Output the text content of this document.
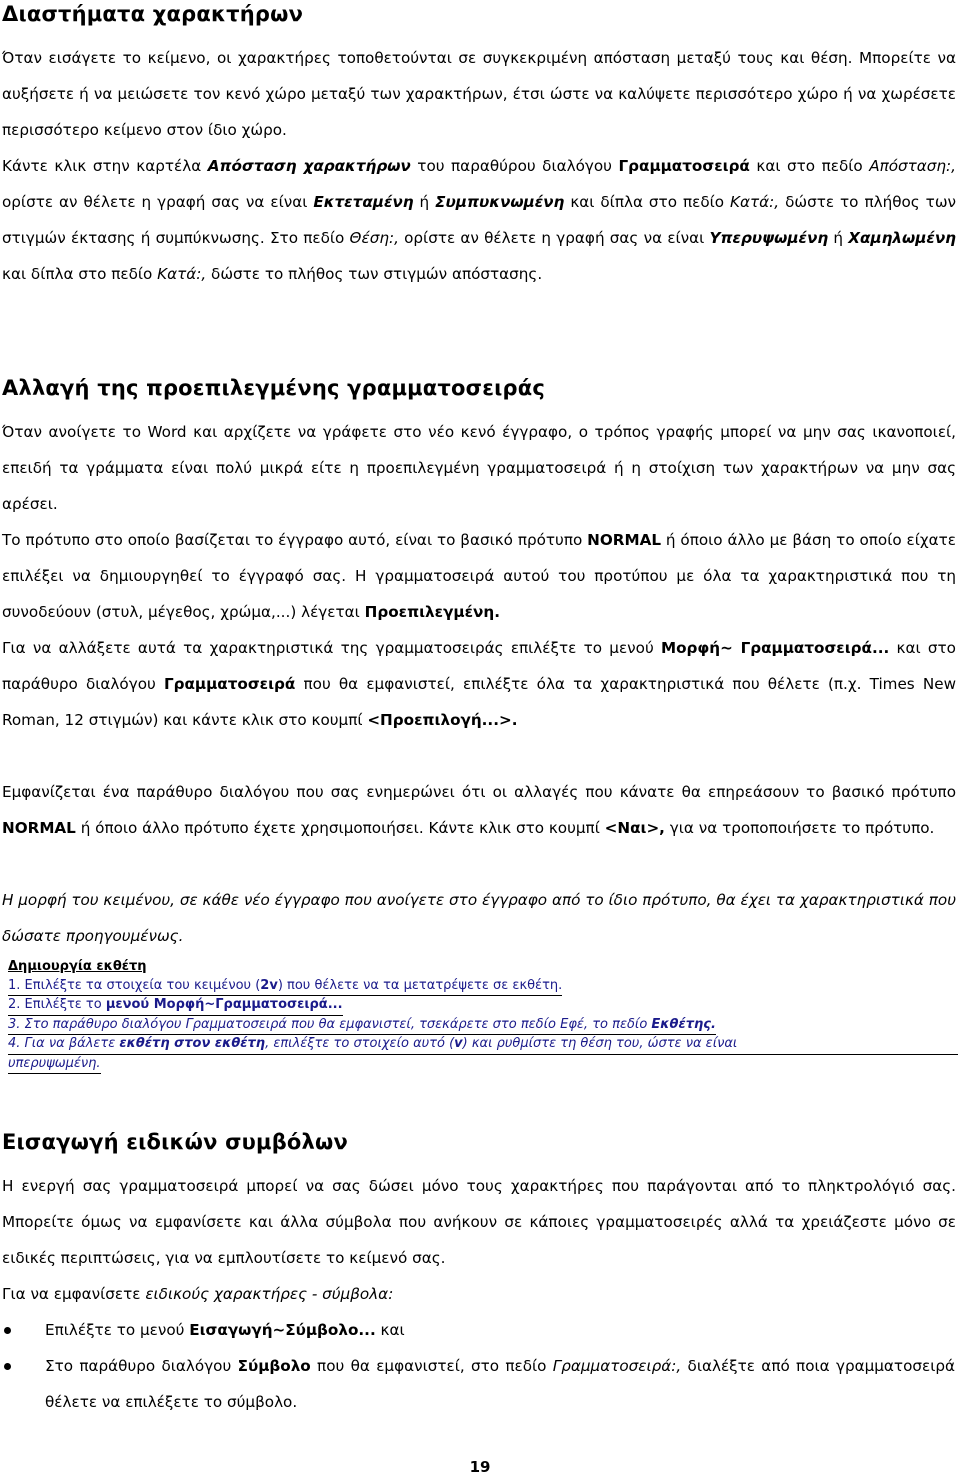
Διαστήματα χαρακτήρων

Όταν εισάγετε το κείμενο, οι χαρακτήρες τοποθετούνται σε συγκεκριμένη απόσταση μεταξύ τους και θέση. Μπορείτε να αυξήσετε ή να μειώσετε τον κενό χώρο μεταξύ των χαρακτήρων, έτσι ώστε να καλύψετε περισσότερο χώρο ή να χωρέσετε περισσότερο κείμενο στον ίδιο χώρο.

Κάντε κλικ στην καρτέλα Απόσταση χαρακτήρων του παραθύρου διαλόγου Γραμματοσειρά και στο πεδίο Απόσταση:, ορίστε αν θέλετε η γραφή σας να είναι Εκτεταμένη ή Συμπυκνωμένη και δίπλα στο πεδίο Κατά:, δώστε το πλήθος των στιγμών έκτασης ή συμπύκνωσης. Στο πεδίο Θέση:, ορίστε αν θέλετε η γραφή σας να είναι Υπερυψωμένη ή Χαμηλωμένη και δίπλα στο πεδίο Κατά:, δώστε το πλήθος των στιγμών απόστασης.

Αλλαγή της προεπιλεγμένης γραμματοσειράς

Όταν ανοίγετε το Word και αρχίζετε να γράφετε στο νέο κενό έγγραφο, ο τρόπος γραφής μπορεί να μην σας ικανοποιεί, επειδή τα γράμματα είναι πολύ μικρά είτε η προεπιλεγμένη γραμματοσειρά ή η στοίχιση των χαρακτήρων να μην σας αρέσει.

Το πρότυπο στο οποίο βασίζεται το έγγραφο αυτό, είναι το βασικό πρότυπο NORMAL ή όποιο άλλο με βάση το οποίο είχατε επιλέξει να δημιουργηθεί το έγγραφό σας. Η γραμματοσειρά αυτού του προτύπου με όλα τα χαρακτηριστικά που τη συνοδεύουν (στυλ, μέγεθος, χρώμα,...) λέγεται Προεπιλεγμένη.

Για να αλλάξετε αυτά τα χαρακτηριστικά της γραμματοσειράς επιλέξτε το μενού Μορφή~ Γραμματοσειρά... και στο παράθυρο διαλόγου Γραμματοσειρά που θα εμφανιστεί, επιλέξτε όλα τα χαρακτηριστικά που θέλετε (π.χ. Times New Roman, 12 στιγμών) και κάντε κλικ στο κουμπί <Προεπιλογή...>.

Εμφανίζεται ένα παράθυρο διαλόγου που σας ενημερώνει ότι οι αλλαγές που κάνατε θα επηρεάσουν το βασικό πρότυπο NORMAL ή όποιο άλλο πρότυπο έχετε χρησιμοποιήσει. Κάντε κλικ στο κουμπί <Ναι>, για να τροποποιήσετε το πρότυπο.

Η μορφή του κειμένου, σε κάθε νέο έγγραφο που ανοίγετε στο έγγραφο από το ίδιο πρότυπο, θα έχει τα χαρακτηριστικά που δώσατε προηγουμένως.

Δημιουργία εκθέτη
1. Επιλέξτε τα στοιχεία του κειμένου (2v) που θέλετε να τα μετατρέψετε σε εκθέτη.
2. Επιλέξτε το μενού Μορφή~Γραμματοσειρά...
3. Στο παράθυρο διαλόγου Γραμματοσειρά που θα εμφανιστεί, τσεκάρετε στο πεδίο Εφέ, το πεδίο Εκθέτης.
4. Για να βάλετε εκθέτη στον εκθέτη, επιλέξτε το στοιχείο αυτό (v) και ρυθμίστε τη θέση του, ώστε να είναι
υπερυψωμένη.
Εισαγωγή ειδικών συμβόλων

Η ενεργή σας γραμματοσειρά μπορεί να σας δώσει μόνο τους χαρακτήρες που παράγονται από το πληκτρολόγιό σας. Μπορείτε όμως να εμφανίσετε και άλλα σύμβολα που ανήκουν σε κάποιες γραμματοσειρές αλλά τα χρειάζεστε μόνο σε ειδικές περιπτώσεις, για να εμπλουτίσετε το κείμενό σας.

Για να εμφανίσετε ειδικούς χαρακτήρες - σύμβολα:

Επιλέξτε το μενού Εισαγωγή~Σύμβολο... και
Στο παράθυρο διαλόγου Σύμβολο που θα εμφανιστεί, στο πεδίο Γραμματοσειρά:, διαλέξτε από ποια γραμματοσειρά θέλετε να επιλέξετε το σύμβολο.
19
